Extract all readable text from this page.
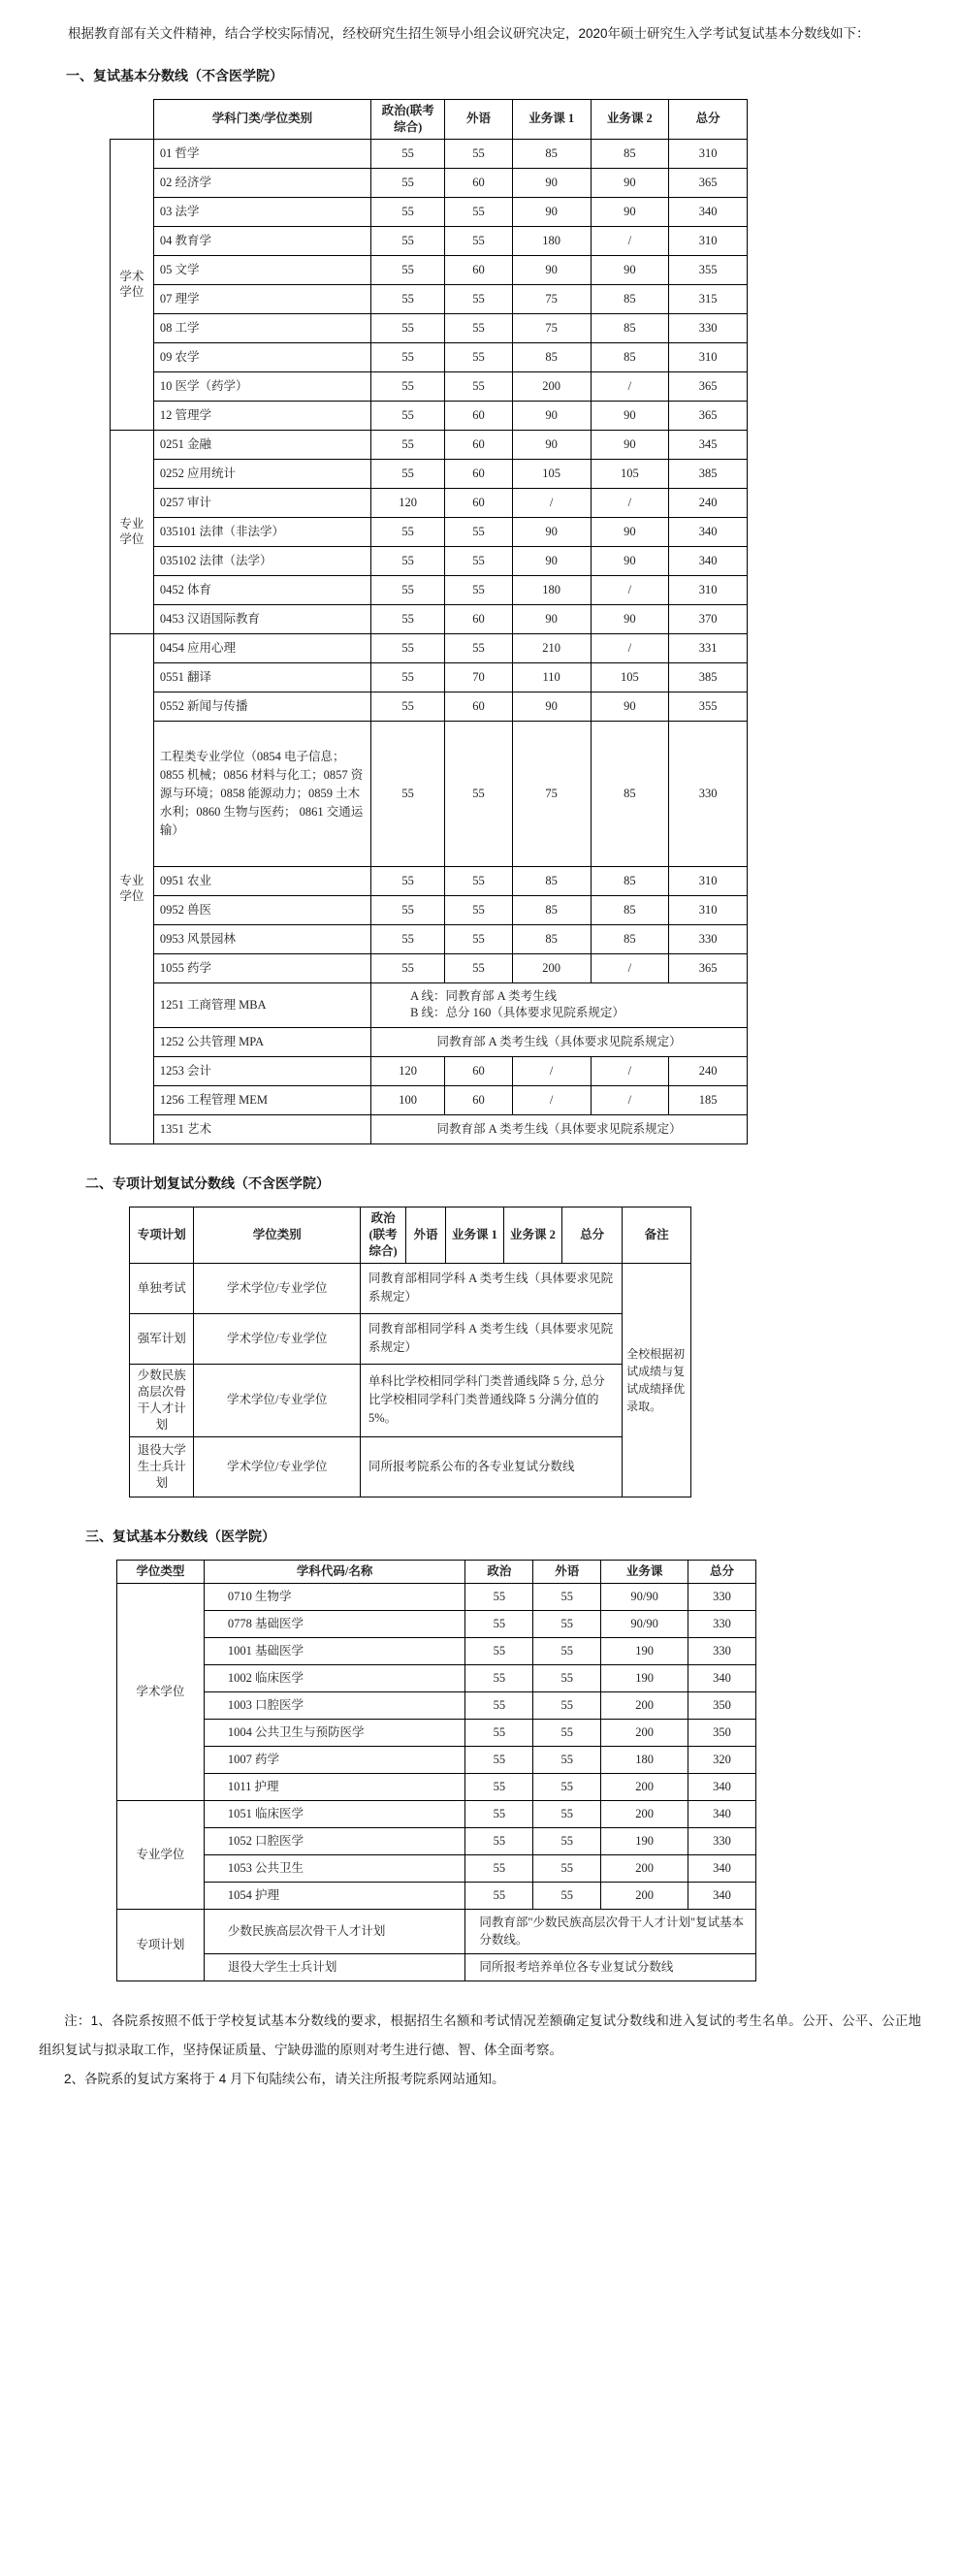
根据教育部有关文件精神，结合学校实际情况，经校研究生招生领导小组会议研究决定，2020年硕士研究生入学考试复试基本分数线如下：

一、复试基本分数线（不含医学院）
	学科门类/学位类别	政治(联考综合)	外语	业务课 1	业务课 2	总分
学术学位	01 哲学	55	55	85	85	310
	02 经济学	55	60	90	90	365
	03 法学	55	55	90	90	340
	04 教育学	55	55	180	/	310
	05 文学	55	60	90	90	355
	07 理学	55	55	75	85	315
	08 工学	55	55	75	85	330
	09 农学	55	55	85	85	310
	10 医学（药学）	55	55	200	/	365
	12 管理学	55	60	90	90	365
专业学位	0251 金融	55	60	90	90	345
	0252 应用统计	55	60	105	105	385
	0257 审计	120	60	/	/	240
	035101 法律（非法学）	55	55	90	90	340
	035102 法律（法学）	55	55	90	90	340
	0452 体育	55	55	180	/	310
	0453 汉语国际教育	55	60	90	90	370
专业学位	0454 应用心理	55	55	210	/	331
	0551 翻译	55	70	110	105	385
	0552 新闻与传播	55	60	90	90	355
	工程类专业学位（0854 电子信息；0855 机械；0856 材料与化工；0857 资源与环境；0858 能源动力；0859 土木水利；0860 生物与医药； 0861 交通运输）	55	55	75	85	330
	0951 农业	55	55	85	85	310
	0952 兽医	55	55	85	85	310
	0953 风景园林	55	55	85	85	330
	1055 药学	55	55	200	/	365
	1251 工商管理 MBA	A 线：同教育部 A 类考生线
B 线：总分 160（具体要求见院系规定）				

	1252 公共管理 MPA	同教育部 A 类考生线（具体要求见院系规定）				
	1253 会计	120	60	/	/	240
	1256 工程管理 MEM	100	60	/	/	185
	1351 艺术	同教育部 A 类考生线（具体要求见院系规定）				
二、专项计划复试分数线（不含医学院）
专项计划	学位类别	政治(联考综合)	外语	业务课 1	业务课 2	总分	备注
单独考试	学术学位/专业学位	同教育部相同学科 A 类考生线（具体要求见院系规定）					全校根据初试成绩与复试成绩择优录取。
强军计划	学术学位/专业学位	同教育部相同学科 A 类考生线（具体要求见院系规定）					
少数民族高层次骨干人才计划	学术学位/专业学位	单科比学校相同学科门类普通线降 5 分, 总分比学校相同学科门类普通线降 5 分满分值的 5%。					
退役大学生士兵计划	学术学位/专业学位	同所报考院系公布的各专业复试分数线					
三、复试基本分数线（医学院）
学位类型	学科代码/名称	政治	外语	业务课	总分
学术学位	0710 生物学	55	55	90/90	330
	0778 基础医学	55	55	90/90	330
	1001 基础医学	55	55	190	330
	1002 临床医学	55	55	190	340
	1003 口腔医学	55	55	200	350
	1004 公共卫生与预防医学	55	55	200	350
	1007 药学	55	55	180	320
	1011 护理	55	55	200	340
专业学位	1051 临床医学	55	55	200	340
	1052 口腔医学	55	55	190	330
	1053 公共卫生	55	55	200	340
	1054 护理	55	55	200	340
专项计划	少数民族高层次骨干人才计划	同教育部"少数民族高层次骨干人才计划"复试基本分数线。			
	退役大学生士兵计划	同所报考培养单位各专业复试分数线			
注：1、各院系按照不低于学校复试基本分数线的要求，根据招生名额和考试情况差额确定复试分数线和进入复试的考生名单。公开、公平、公正地组织复试与拟录取工作，坚持保证质量、宁缺毋滥的原则对考生进行德、智、体全面考察。
2、各院系的复试方案将于 4 月下旬陆续公布，请关注所报考院系网站通知。
